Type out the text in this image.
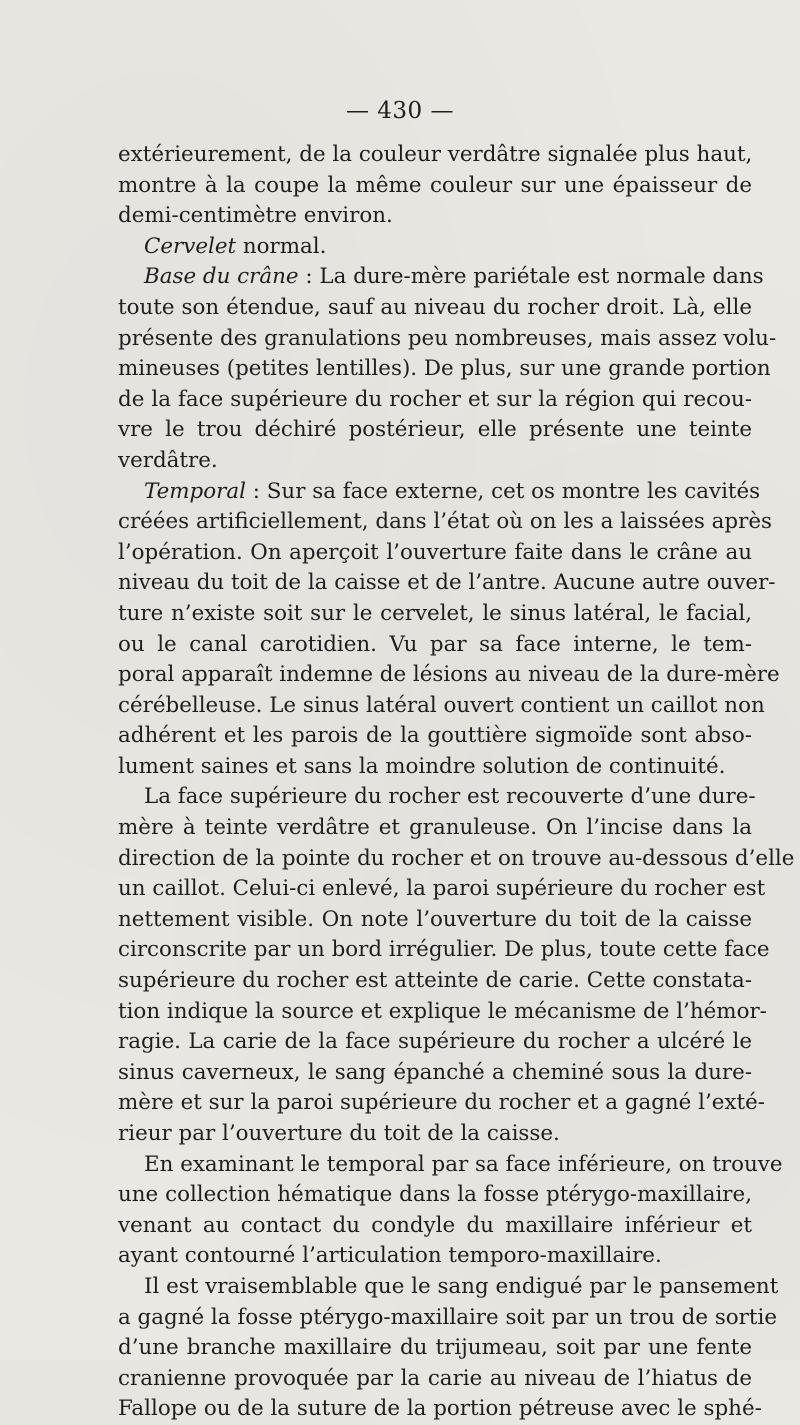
— 430 —
extérieurement, de la couleur verdâtre signalée plus haut,
montre à la coupe la même couleur sur une épaisseur de
demi-centimètre environ.
Cervelet normal.
Base du crâne : La dure-mère pariétale est normale dans
toute son étendue, sauf au niveau du rocher droit. Là, elle
présente des granulations peu nombreuses, mais assez volu-
mineuses (petites lentilles). De plus, sur une grande portion
de la face supérieure du rocher et sur la région qui recou-
vre le trou déchiré postérieur, elle présente une teinte
verdâtre.
Temporal : Sur sa face externe, cet os montre les cavités
créées artificiellement, dans l’état où on les a laissées après
l’opération. On aperçoit l’ouverture faite dans le crâne au
niveau du toit de la caisse et de l’antre. Aucune autre ouver-
ture n’existe soit sur le cervelet, le sinus latéral, le facial,
ou le canal carotidien. Vu par sa face interne, le tem-
poral apparaît indemne de lésions au niveau de la dure-mère
cérébelleuse. Le sinus latéral ouvert contient un caillot non
adhérent et les parois de la gouttière sigmoïde sont abso-
lument saines et sans la moindre solution de continuité.
La face supérieure du rocher est recouverte d’une dure-
mère à teinte verdâtre et granuleuse. On l’incise dans la
direction de la pointe du rocher et on trouve au-dessous d’elle
un caillot. Celui-ci enlevé, la paroi supérieure du rocher est
nettement visible. On note l’ouverture du toit de la caisse
circonscrite par un bord irrégulier. De plus, toute cette face
supérieure du rocher est atteinte de carie. Cette constata-
tion indique la source et explique le mécanisme de l’hémor-
ragie. La carie de la face supérieure du rocher a ulcéré le
sinus caverneux, le sang épanché a cheminé sous la dure-
mère et sur la paroi supérieure du rocher et a gagné l’exté-
rieur par l’ouverture du toit de la caisse.
En examinant le temporal par sa face inférieure, on trouve
une collection hématique dans la fosse ptérygo-maxillaire,
venant au contact du condyle du maxillaire inférieur et
ayant contourné l’articulation temporo-maxillaire.
Il est vraisemblable que le sang endigué par le pansement
a gagné la fosse ptérygo-maxillaire soit par un trou de sortie
d’une branche maxillaire du trijumeau, soit par une fente
cranienne provoquée par la carie au niveau de l’hiatus de
Fallope ou de la suture de la portion pétreuse avec le sphé-
